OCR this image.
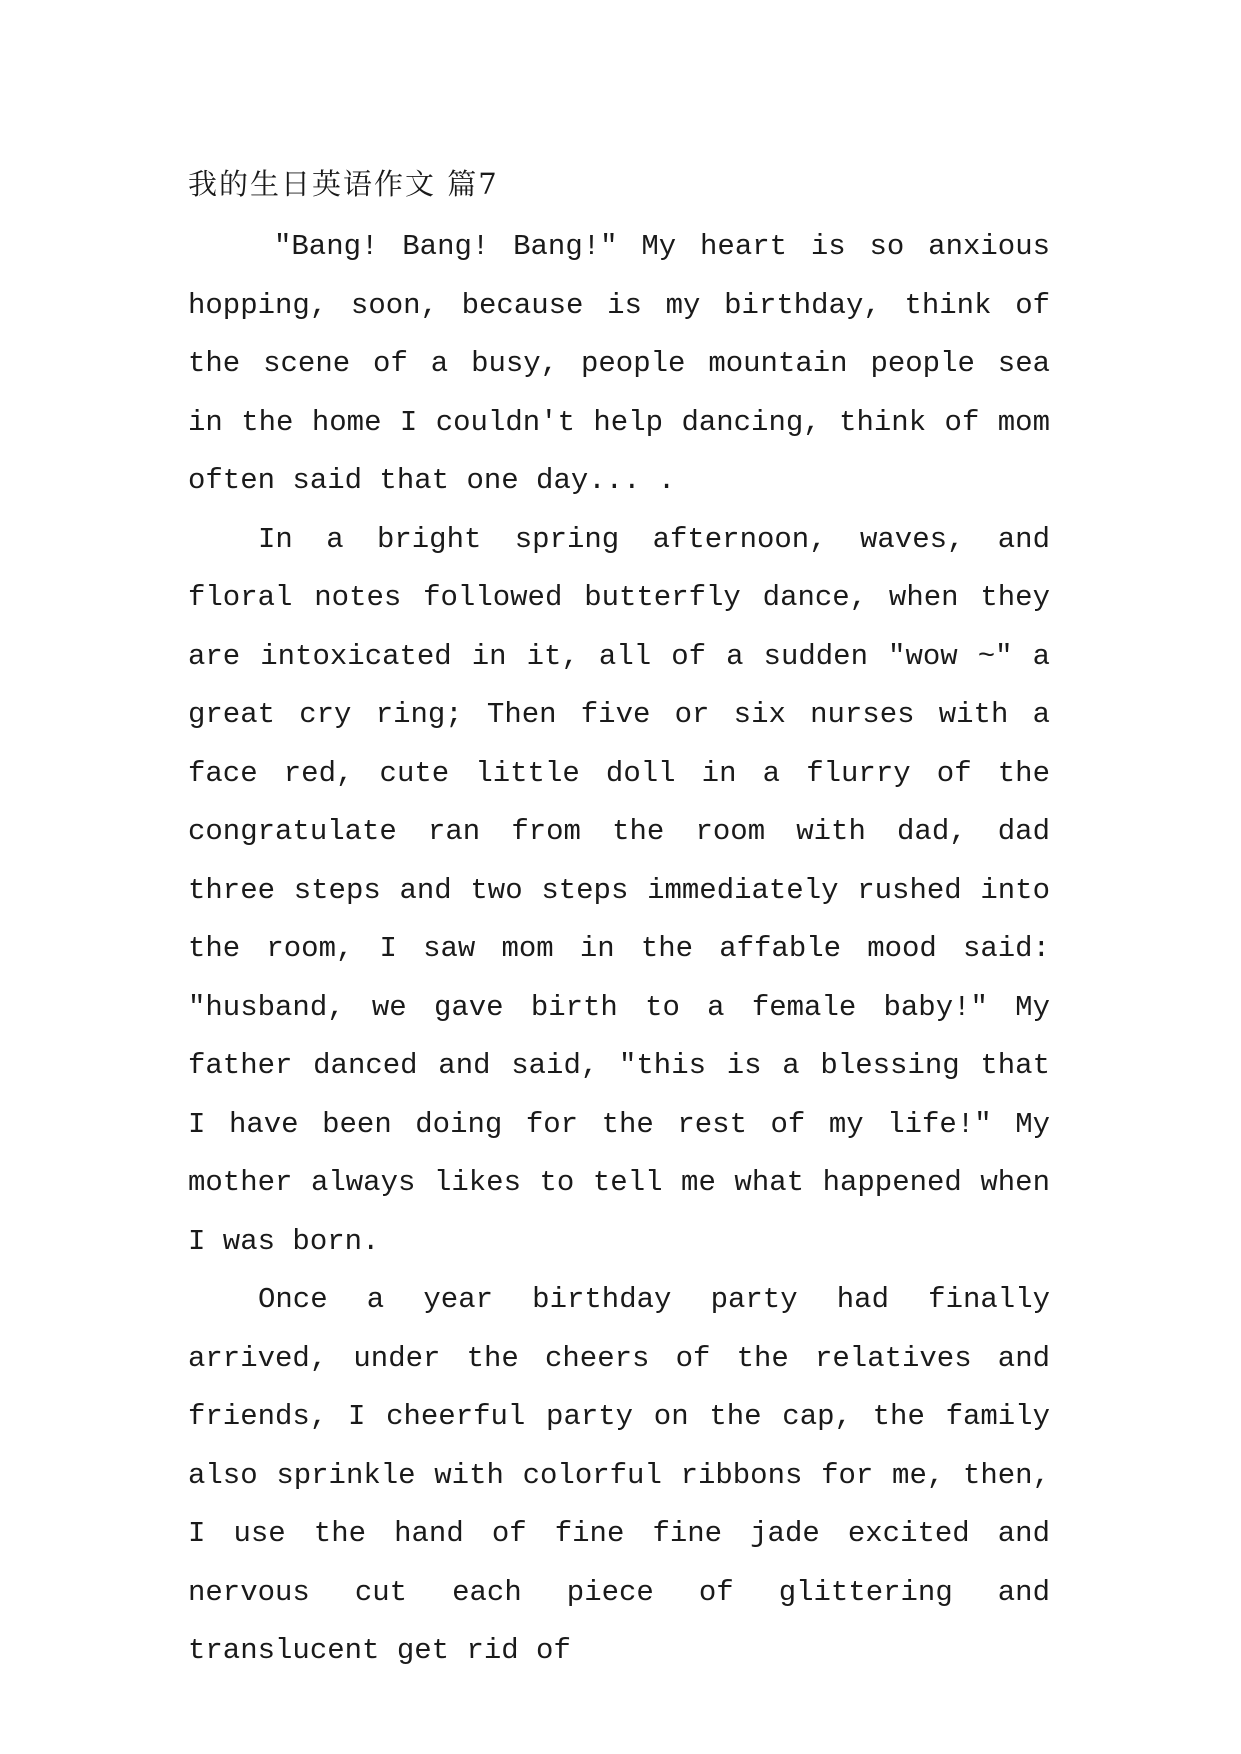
我的生日英语作文 篇7

"Bang! Bang! Bang!" My heart is so anxious hopping, soon, because is my birthday, think of the scene of a busy, people mountain people sea in the home I couldn't help dancing, think of mom often said that one day... .

In a bright spring afternoon, waves, and floral notes followed butterfly dance, when they are intoxicated in it, all of a sudden "wow ~" a great cry ring; Then five or six nurses with a face red, cute little doll in a flurry of the congratulate ran from the room with dad, dad three steps and two steps immediately rushed into the room, I saw mom in the affable mood said: "husband, we gave birth to a female baby!" My father danced and said, "this is a blessing that I have been doing for the rest of my life!" My mother always likes to tell me what happened when I was born.

Once a year birthday party had finally arrived, under the cheers of the relatives and friends, I cheerful party on the cap, the family also sprinkle with colorful ribbons for me, then, I use the hand of fine fine jade excited and nervous cut each piece of glittering and translucent get rid of
